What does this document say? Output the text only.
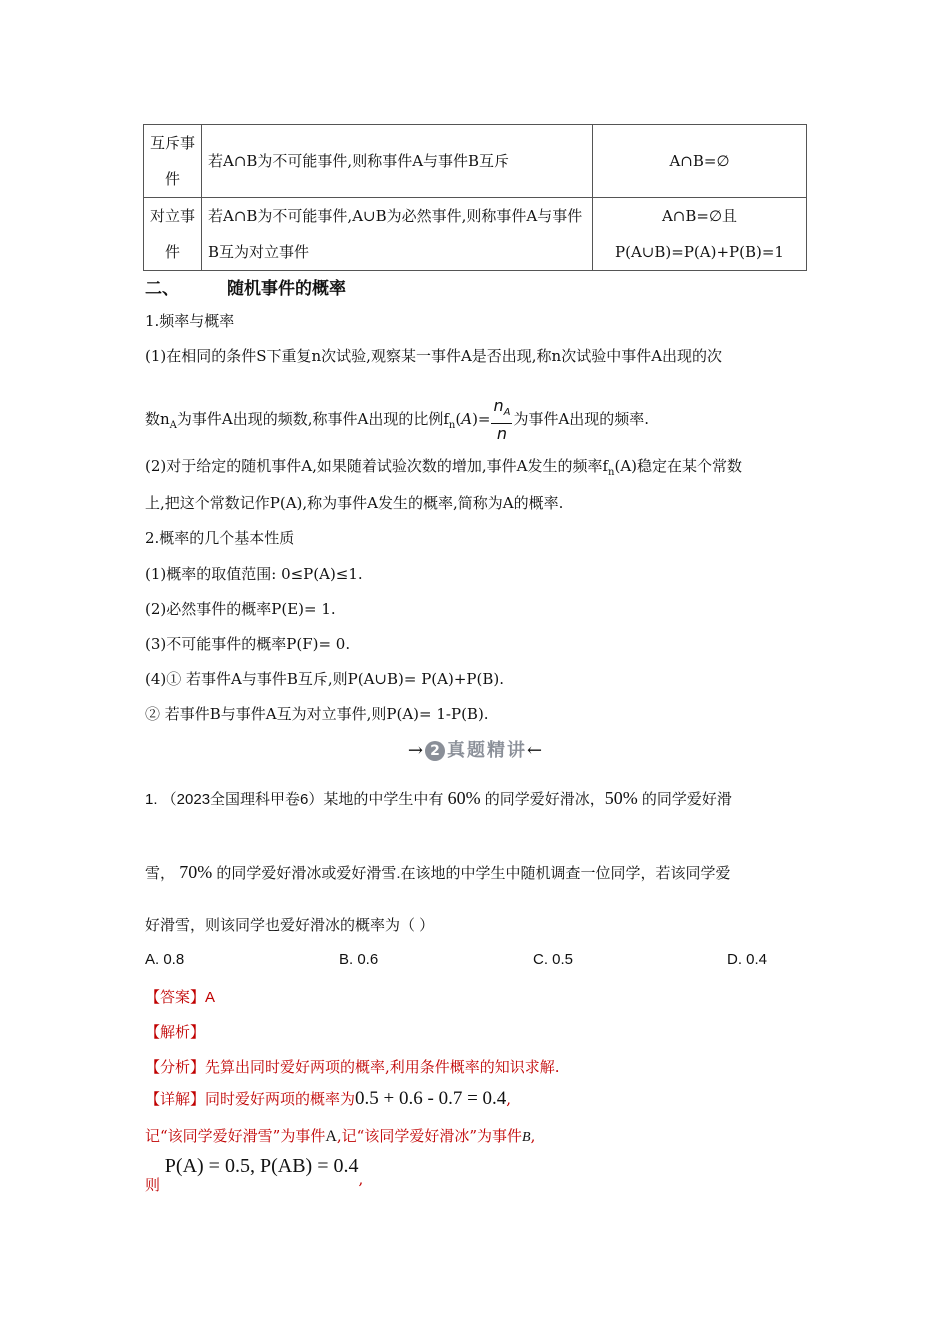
互斥事件	若A∩B为不可能事件,则称事件A与事件B互斥	A∩B=∅
对立事件	若A∩B为不可能事件,A∪B为必然事件,则称事件A与事件B互为对立事件	A∩B=∅且P(A∪B)=P(A)+P(B)=1
二、	随机事件的概率
1.频率与概率
(1)在相同的条件S下重复n次试验,观察某一事件A是否出现,称n次试验中事件A出现的次
数$n_A$为事件A出现的频数,称事件A出现的比例$f_n(A)= \frac{n_A}{n}$ 为事件A出现的频率.
(2)对于给定的随机事件A,如果随着试验次数的增加,事件A发生的频率$f_n(A)$稳定在某个常数
上,把这个常数记作P(A),称为事件A发生的概率,简称为A的概率.
2.概率的几个基本性质
(1)概率的取值范围: 0≤P(A)≤1.
(2)必然事件的概率P(E)= 1.
(3)不可能事件的概率P(F)= 0.
(4)① 若事件A与事件B互斥,则P(A∪B)= P(A)+P(B).
② 若事件B与事件A互为对立事件,则P(A)= 1-P(B).
→ 2 真题精讲←
1. （2023全国理科甲卷6）某地的中学生中有 60% 的同学爱好滑冰，50% 的同学爱好滑
雪， 70% 的同学爱好滑冰或爱好滑雪.在该地的中学生中随机调查一位同学，若该同学爱
好滑雪，则该同学也爱好滑冰的概率为（ ）
A. 0.8	B. 0.6	C. 0.5	D. 0.4
【答案】A
【解析】
【分析】先算出同时爱好两项的概率,利用条件概率的知识求解.
【详解】同时爱好两项的概率为0.5 + 0.6 - 0.7 = 0.4,
记“该同学爱好滑雪”为事件A,记“该同学爱好滑冰”为事件B,
则 P(A) = 0.5, P(AB) = 0.4,
